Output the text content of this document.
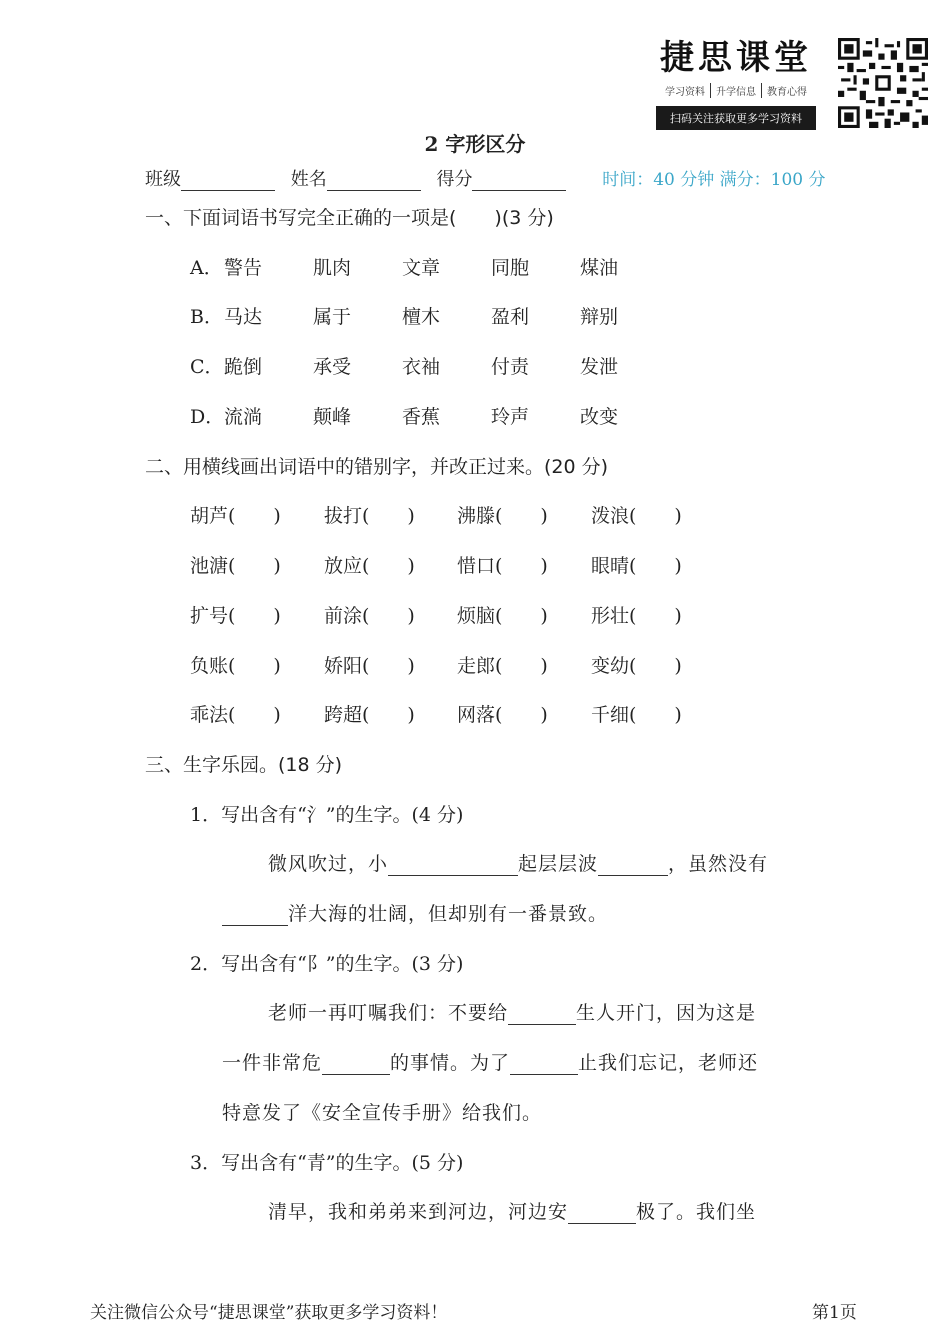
捷思课堂
学习资料	升学信息	教育心得
扫码关注获取更多学习资料
2 字形区分
班级	姓名	得分	时间：40 分钟 满分：100 分
一、下面词语书写完全正确的一项是(　　)(3 分)
A．警告	肌肉	文章	同胞	煤油
B．马达	属于	檀木	盈利	辩别
C．跪倒	承受	衣袖	付责	发泄
D．流淌	颠峰	香蕉	玲声	改变
二、用横线画出词语中的错别字，并改正过来。(20 分)
胡芦(　　) 拔打(　　) 沸滕(　　) 泼浪(　　)
池溏(　　) 放应(　　) 惜口(　　) 眼晴(　　)
扩号(　　) 前涂(　　) 烦脑(　　) 形壮(　　)
负账(　　) 娇阳(　　) 走郎(　　) 变幼(　　)
乖法(　　) 跨超(　　) 网落(　　) 千细(　　)
三、生字乐园。(18 分)
1．写出含有“氵”的生字。(4 分)
微风吹过，小	起层层波	，虽然没有
洋大海的壮阔，但却别有一番景致。
2．写出含有“阝”的生字。(3 分)
老师一再叮嘱我们：不要给	生人开门，因为这是
一件非常危	的事情。为了	止我们忘记，老师还
特意发了《安全宣传手册》给我们。
3．写出含有“青”的生字。(5 分)
清早，我和弟弟来到河边，河边安	极了。我们坐
关注微信公众号“捷思课堂”获取更多学习资料！	第1页
